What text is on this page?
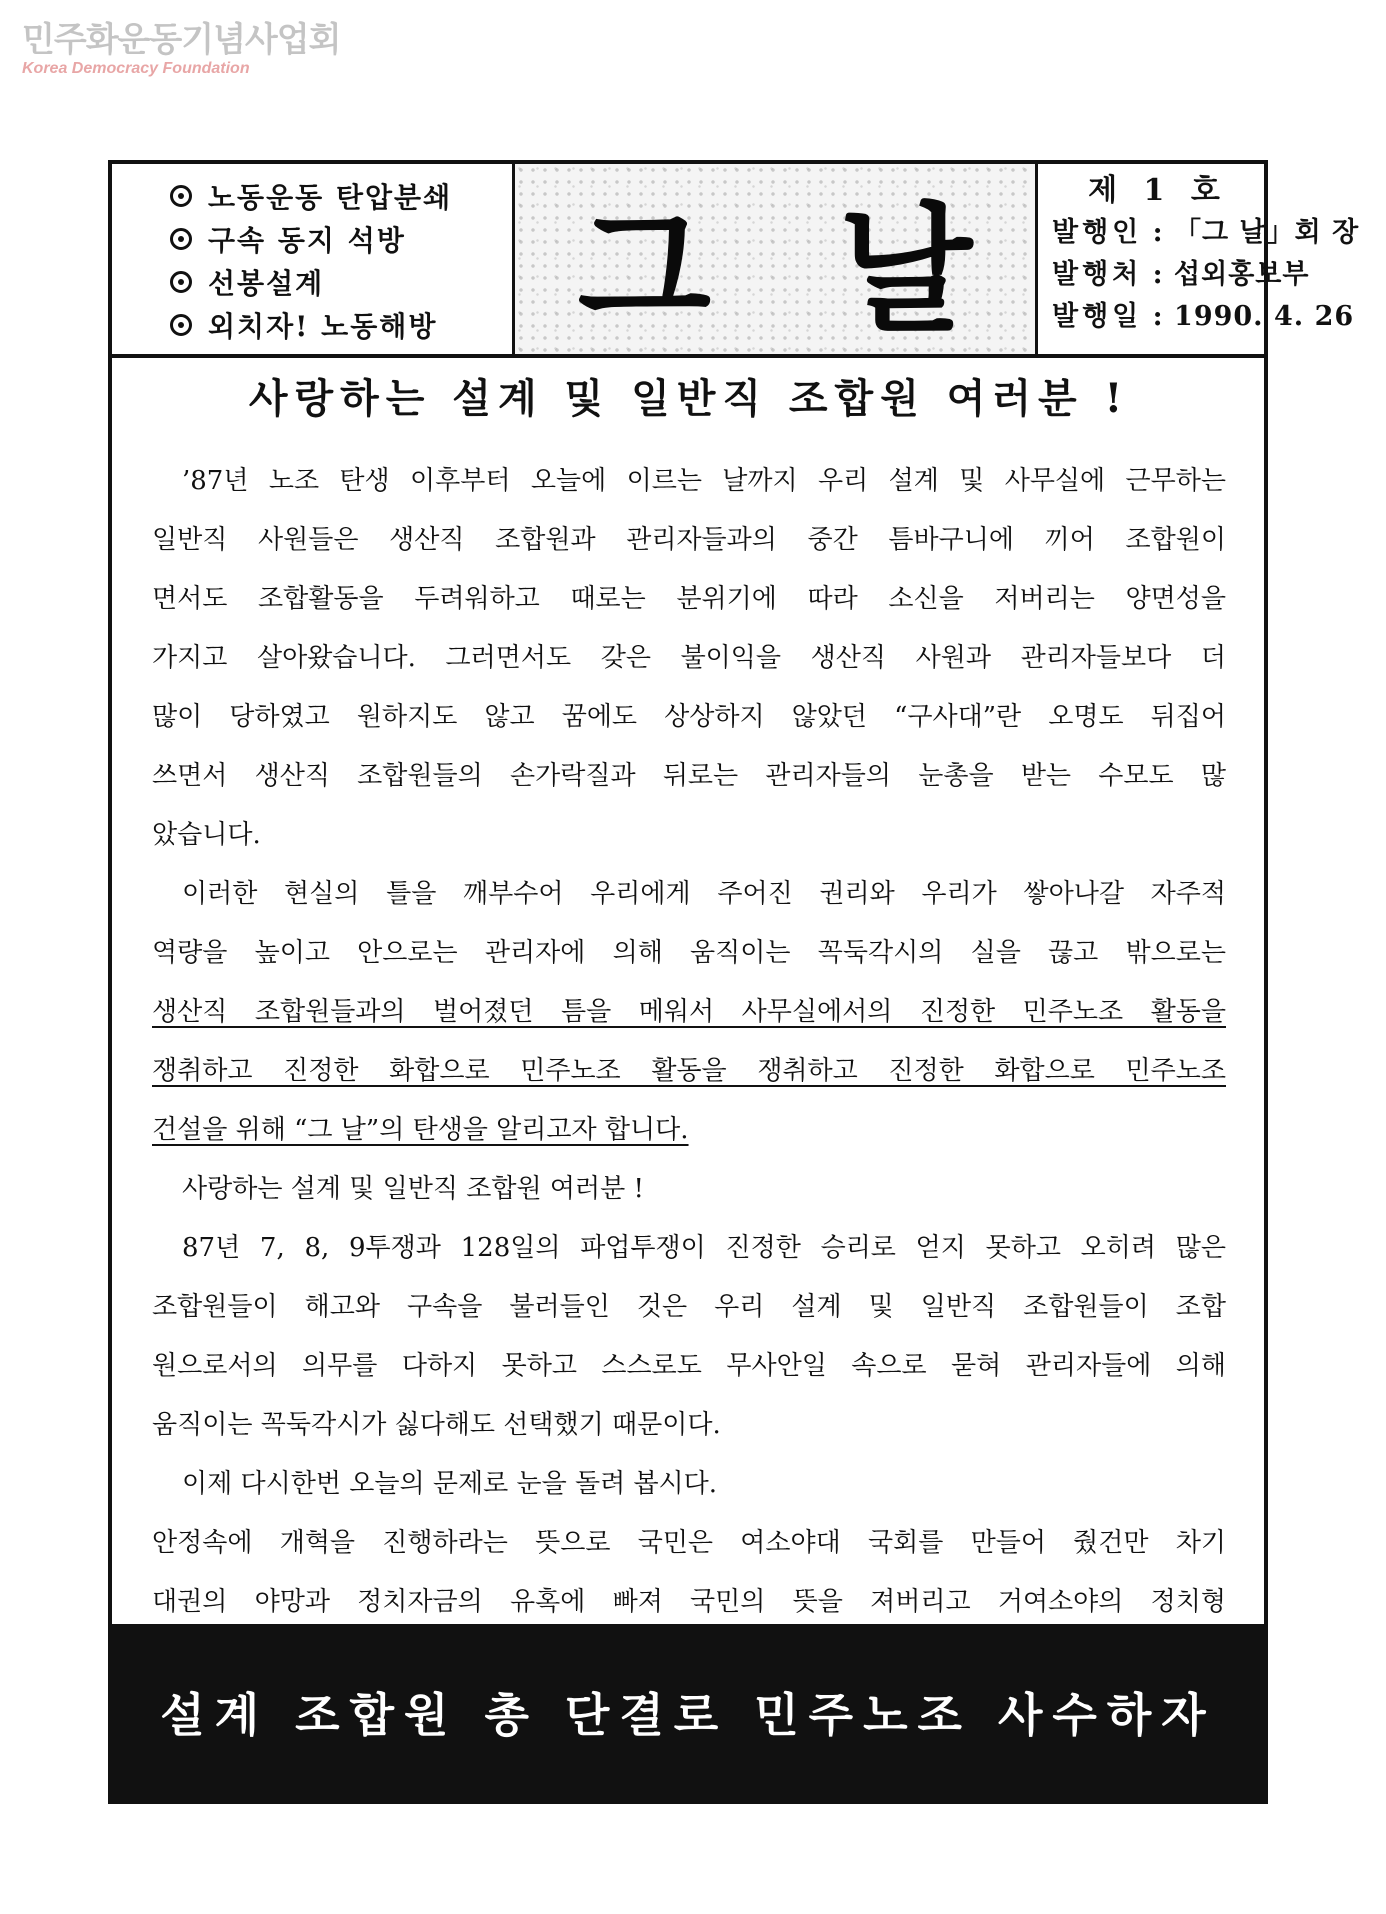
민주화운동기념사업회
Korea Democracy Foundation
노동운동 탄압분쇄
구속 동지 석방
선봉설계
외치자! 노동해방	그 날	제 1 호
발행인 : 「그 날」회 장
발행처 : 섭외홍보부
발행일 : 1990. 4. 26
사랑하는 설계 및 일반직 조합원 여러분 !
’87년 노조 탄생 이후부터 오늘에 이르는 날까지 우리 설계 및 사무실에 근무하는
일반직 사원들은 생산직 조합원과 관리자들과의 중간 틈바구니에 끼어 조합원이
면서도 조합활동을 두려워하고 때로는 분위기에 따라 소신을 저버리는 양면성을
가지고 살아왔습니다. 그러면서도 갖은 불이익을 생산직 사원과 관리자들보다 더
많이 당하였고 원하지도 않고 꿈에도 상상하지 않았던 “구사대”란 오명도 뒤집어
쓰면서 생산직 조합원들의 손가락질과 뒤로는 관리자들의 눈총을 받는 수모도 많
았습니다.
이러한 현실의 틀을 깨부수어 우리에게 주어진 권리와 우리가 쌓아나갈 자주적
역량을 높이고 안으로는 관리자에 의해 움직이는 꼭둑각시의 실을 끊고 밖으로는
생산직 조합원들과의 벌어졌던 틈을 메워서 사무실에서의 진정한 민주노조 활동을
쟁취하고 진정한 화합으로 민주노조 활동을 쟁취하고 진정한 화합으로 민주노조
건설을 위해 “그 날”의 탄생을 알리고자 합니다.
사랑하는 설계 및 일반직 조합원 여러분 !
87년 7, 8, 9투쟁과 128일의 파업투쟁이 진정한 승리로 얻지 못하고 오히려 많은
조합원들이 해고와 구속을 불러들인 것은 우리 설계 및 일반직 조합원들이 조합
원으로서의 의무를 다하지 못하고 스스로도 무사안일 속으로 묻혀 관리자들에 의해
움직이는 꼭둑각시가 싫다해도 선택했기 때문이다.
이제 다시한번 오늘의 문제로 눈을 돌려 봅시다.
안정속에 개혁을 진행하라는 뜻으로 국민은 여소야대 국회를 만들어 줬건만 차기
대권의 야망과 정치자금의 유혹에 빠져 국민의 뜻을 져버리고 거여소야의 정치형
설계 조합원 총 단결로 민주노조 사수하자
